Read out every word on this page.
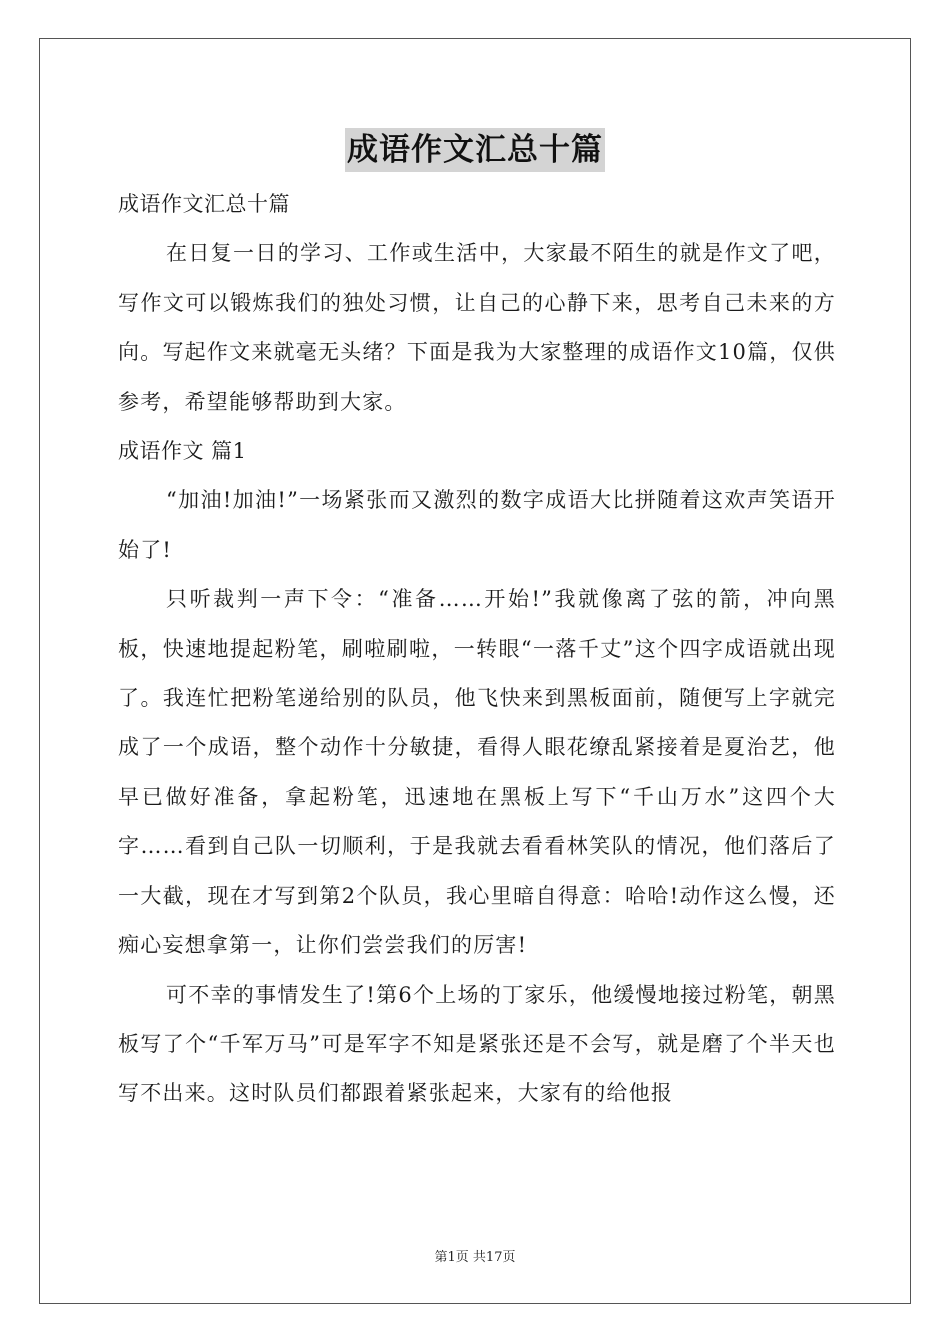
成语作文汇总十篇

成语作文汇总十篇

在日复一日的学习、工作或生活中，大家最不陌生的就是作文了吧，写作文可以锻炼我们的独处习惯，让自己的心静下来，思考自己未来的方向。写起作文来就毫无头绪？下面是我为大家整理的成语作文10篇，仅供参考，希望能够帮助到大家。

成语作文 篇1

“加油!加油!”一场紧张而又激烈的数字成语大比拼随着这欢声笑语开始了!

只听裁判一声下令：“准备……开始!”我就像离了弦的箭，冲向黑板，快速地提起粉笔，刷啦刷啦，一转眼“一落千丈”这个四字成语就出现了。我连忙把粉笔递给别的队员，他飞快来到黑板面前，随便写上字就完成了一个成语，整个动作十分敏捷，看得人眼花缭乱紧接着是夏治艺，他早已做好准备，拿起粉笔，迅速地在黑板上写下“千山万水”这四个大字……看到自己队一切顺利，于是我就去看看林笑队的情况，他们落后了一大截，现在才写到第2个队员，我心里暗自得意：哈哈!动作这么慢，还痴心妄想拿第一，让你们尝尝我们的厉害!

可不幸的事情发生了!第6个上场的丁家乐，他缓慢地接过粉笔，朝黑板写了个“千军万马”可是军字不知是紧张还是不会写，就是磨了个半天也写不出来。这时队员们都跟着紧张起来，大家有的给他报

第1页 共17页
